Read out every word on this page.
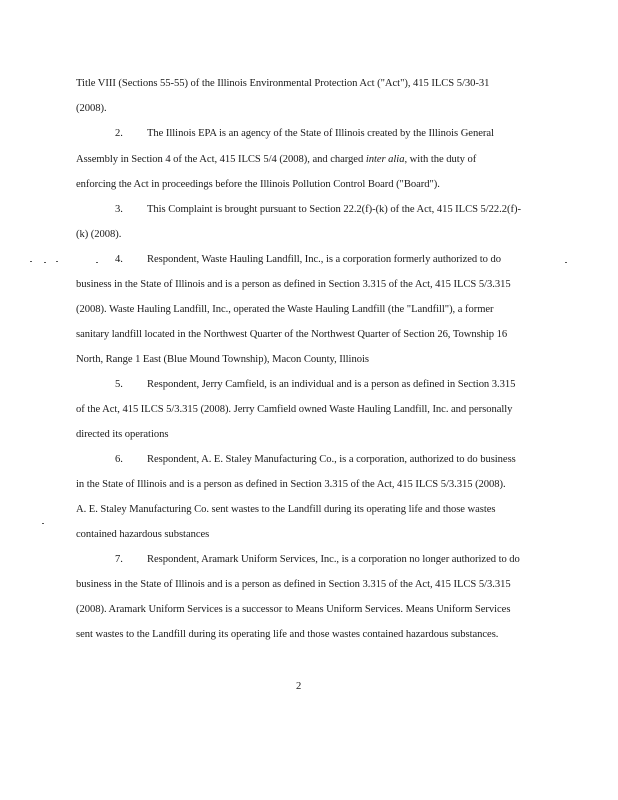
Title VIII (Sections 55-55) of the Illinois Environmental Protection Act ("Act"), 415 ILCS 5/30-31
(2008).
2. The Illinois EPA is an agency of the State of Illinois created by the Illinois General
Assembly in Section 4 of the Act, 415 ILCS 5/4 (2008), and charged inter alia, with the duty of
enforcing the Act in proceedings before the Illinois Pollution Control Board ("Board").
3. This Complaint is brought pursuant to Section 22.2(f)-(k) of the Act, 415 ILCS 5/22.2(f)-
(k) (2008).
4. Respondent, Waste Hauling Landfill, Inc., is a corporation formerly authorized to do
business in the State of Illinois and is a person as defined in Section 3.315 of the Act, 415 ILCS 5/3.315
(2008). Waste Hauling Landfill, Inc., operated the Waste Hauling Landfill (the "Landfill"), a former
sanitary landfill located in the Northwest Quarter of the Northwest Quarter of Section 26, Township 16
North, Range 1 East (Blue Mound Township), Macon County, Illinois
5. Respondent, Jerry Camfield, is an individual and is a person as defined in Section 3.315
of the Act, 415 ILCS 5/3.315 (2008). Jerry Camfield owned Waste Hauling Landfill, Inc. and personally
directed its operations
6. Respondent, A. E. Staley Manufacturing Co., is a corporation, authorized to do business
in the State of Illinois and is a person as defined in Section 3.315 of the Act, 415 ILCS 5/3.315 (2008).
A. E. Staley Manufacturing Co. sent wastes to the Landfill during its operating life and those wastes
contained hazardous substances
7. Respondent, Aramark Uniform Services, Inc., is a corporation no longer authorized to do
business in the State of Illinois and is a person as defined in Section 3.315 of the Act, 415 ILCS 5/3.315
(2008). Aramark Uniform Services is a successor to Means Uniform Services. Means Uniform Services
sent wastes to the Landfill during its operating life and those wastes contained hazardous substances.
2
